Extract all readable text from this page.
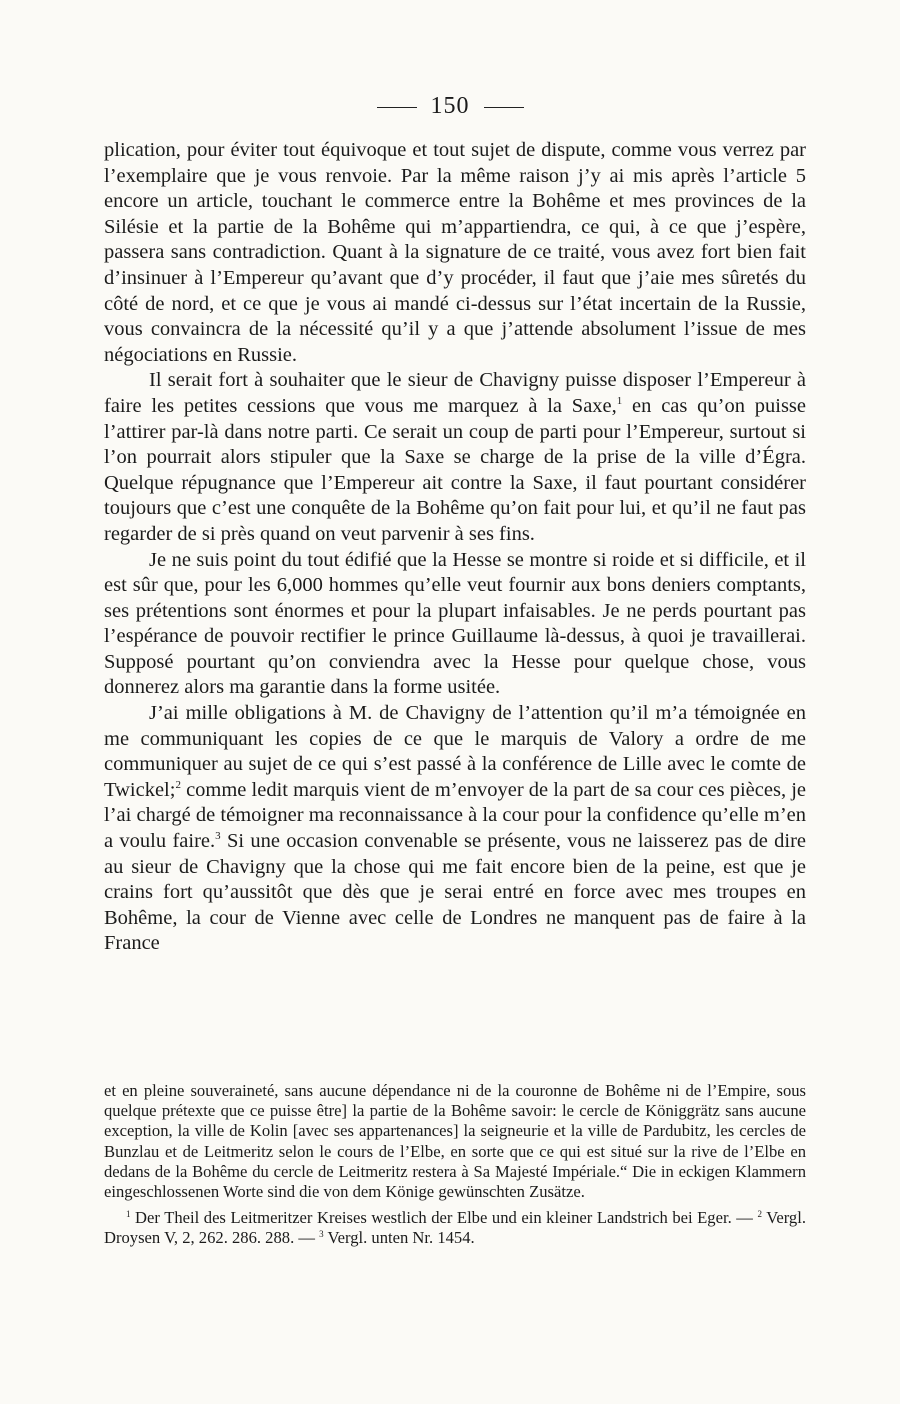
150

plication, pour éviter tout équivoque et tout sujet de dispute, comme vous verrez par l’exemplaire que je vous renvoie. Par la même raison j’y ai mis après l’article 5 encore un article, touchant le commerce entre la Bohême et mes provinces de la Silésie et la partie de la Bohême qui m’appartiendra, ce qui, à ce que j’espère, passera sans contradiction. Quant à la signature de ce traité, vous avez fort bien fait d’insinuer à l’Empereur qu’avant que d’y procéder, il faut que j’aie mes sûretés du côté de nord, et ce que je vous ai mandé ci-dessus sur l’état incertain de la Russie, vous convaincra de la nécessité qu’il y a que j’attende absolument l’issue de mes négociations en Russie.

Il serait fort à souhaiter que le sieur de Chavigny puisse disposer l’Empereur à faire les petites cessions que vous me marquez à la Saxe,$^1$ en cas qu’on puisse l’attirer par-là dans notre parti. Ce serait un coup de parti pour l’Empereur, surtout si l’on pourrait alors stipuler que la Saxe se charge de la prise de la ville d’Égra. Quelque répugnance que l’Empereur ait contre la Saxe, il faut pourtant considérer toujours que c’est une conquête de la Bohême qu’on fait pour lui, et qu’il ne faut pas regarder de si près quand on veut parvenir à ses fins.

Je ne suis point du tout édifié que la Hesse se montre si roide et si difficile, et il est sûr que, pour les 6,000 hommes qu’elle veut fournir aux bons deniers comptants, ses prétentions sont énormes et pour la plupart infaisables. Je ne perds pourtant pas l’espérance de pouvoir rectifier le prince Guillaume là-dessus, à quoi je travaillerai. Supposé pourtant qu’on conviendra avec la Hesse pour quelque chose, vous donnerez alors ma garantie dans la forme usitée.

J’ai mille obligations à M. de Chavigny de l’attention qu’il m’a témoignée en me communiquant les copies de ce que le marquis de Valory a ordre de me communiquer au sujet de ce qui s’est passé à la conférence de Lille avec le comte de Twickel;$^2$ comme ledit marquis vient de m’envoyer de la part de sa cour ces pièces, je l’ai chargé de témoigner ma reconnaissance à la cour pour la confidence qu’elle m’en a voulu faire.$^3$ Si une occasion convenable se présente, vous ne laisserez pas de dire au sieur de Chavigny que la chose qui me fait encore bien de la peine, est que je crains fort qu’aussitôt que dès que je serai entré en force avec mes troupes en Bohême, la cour de Vienne avec celle de Londres ne manquent pas de faire à la France

et en pleine souveraineté, sans aucune dépendance ni de la couronne de Bohême ni de l’Empire, sous quelque prétexte que ce puisse être] la partie de la Bohême savoir: le cercle de Königgrätz sans aucune exception, la ville de Kolin [avec ses appartenances] la seigneurie et la ville de Pardubitz, les cercles de Bunzlau et de Leitmeritz selon le cours de l’Elbe, en sorte que ce qui est situé sur la rive de l’Elbe en dedans de la Bohême du cercle de Leitmeritz restera à Sa Majesté Impériale.“ Die in eckigen Klammern eingeschlossenen Worte sind die von dem Könige gewünschten Zusätze.

$^1$ Der Theil des Leitmeritzer Kreises westlich der Elbe und ein kleiner Landstrich bei Eger. — $^2$ Vergl. Droysen V, 2, 262. 286. 288. — $^3$ Vergl. unten Nr. 1454.
